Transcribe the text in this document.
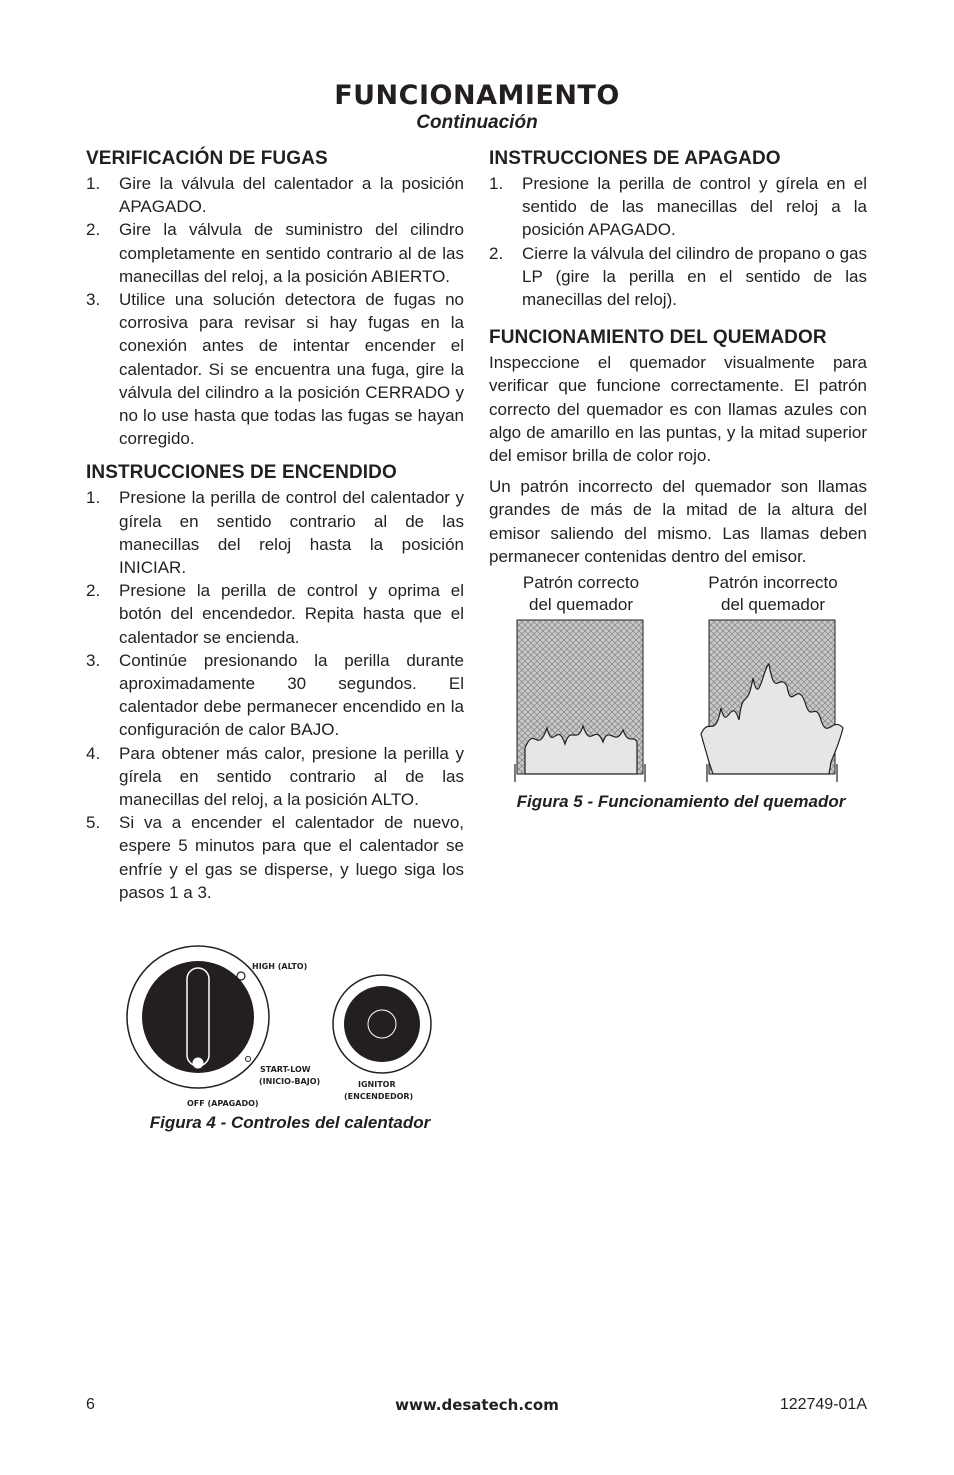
FUNCIONAMIENTO
Continuación
VERIFICACIÓN DE FUGAS
1. Gire la válvula del calentador a la posición APAGADO.
2. Gire la válvula de suministro del cilindro completamente en sentido contrario al de las manecillas del reloj, a la posición ABIERTO.
3. Utilice una solución detectora de fugas no corrosiva para revisar si hay fugas en la conexión antes de intentar encender el calentador. Si se encuentra una fuga, gire la válvula del cilindro a la posición CERRADO y no lo use hasta que todas las fugas se hayan corregido.
INSTRUCCIONES DE ENCENDIDO
1. Presione la perilla de control del calentador y gírela en sentido contrario al de las manecillas del reloj hasta la posición INICIAR.
2. Presione la perilla de control y oprima el botón del encendedor. Repita hasta que el calentador se encienda.
3. Continúe presionando la perilla durante aproximadamente 30 segundos. El calentador debe permanecer encendido en la configuración de calor BAJO.
4. Para obtener más calor, presione la perilla y gírela en sentido contrario al de las manecillas del reloj, a la posición ALTO.
5. Si va a encender el calentador de nuevo, espere 5 minutos para que el calentador se enfríe y el gas se disperse, y luego siga los pasos 1 a 3.
HIGH (ALTO)
START-LOW
(INICIO-BAJO)
OFF (APAGADO)
IGNITOR
(ENCENDEDOR)
Figura 4 - Controles del calentador
INSTRUCCIONES DE APAGADO
1. Presione la perilla de control y gírela en el sentido de las manecillas del reloj a la posición APAGADO.
2. Cierre la válvula del cilindro de propano o gas LP (gire la perilla en el sentido de las manecillas del reloj).
FUNCIONAMIENTO DEL QUEMADOR

Inspeccione el quemador visualmente para verificar que funcione correctamente. El patrón correcto del quemador es con llamas azules con algo de amarillo en las puntas, y la mitad superior del emisor brilla de color rojo.

Un patrón incorrecto del quemador son llamas grandes de más de la mitad de la altura del emisor saliendo del mismo. Las llamas deben permanecer contenidas dentro del emisor.

Patrón correcto
del quemador
Patrón incorrecto
del quemador
Figura 5 - Funcionamiento del quemador
6	www.desatech.com	122749-01A
